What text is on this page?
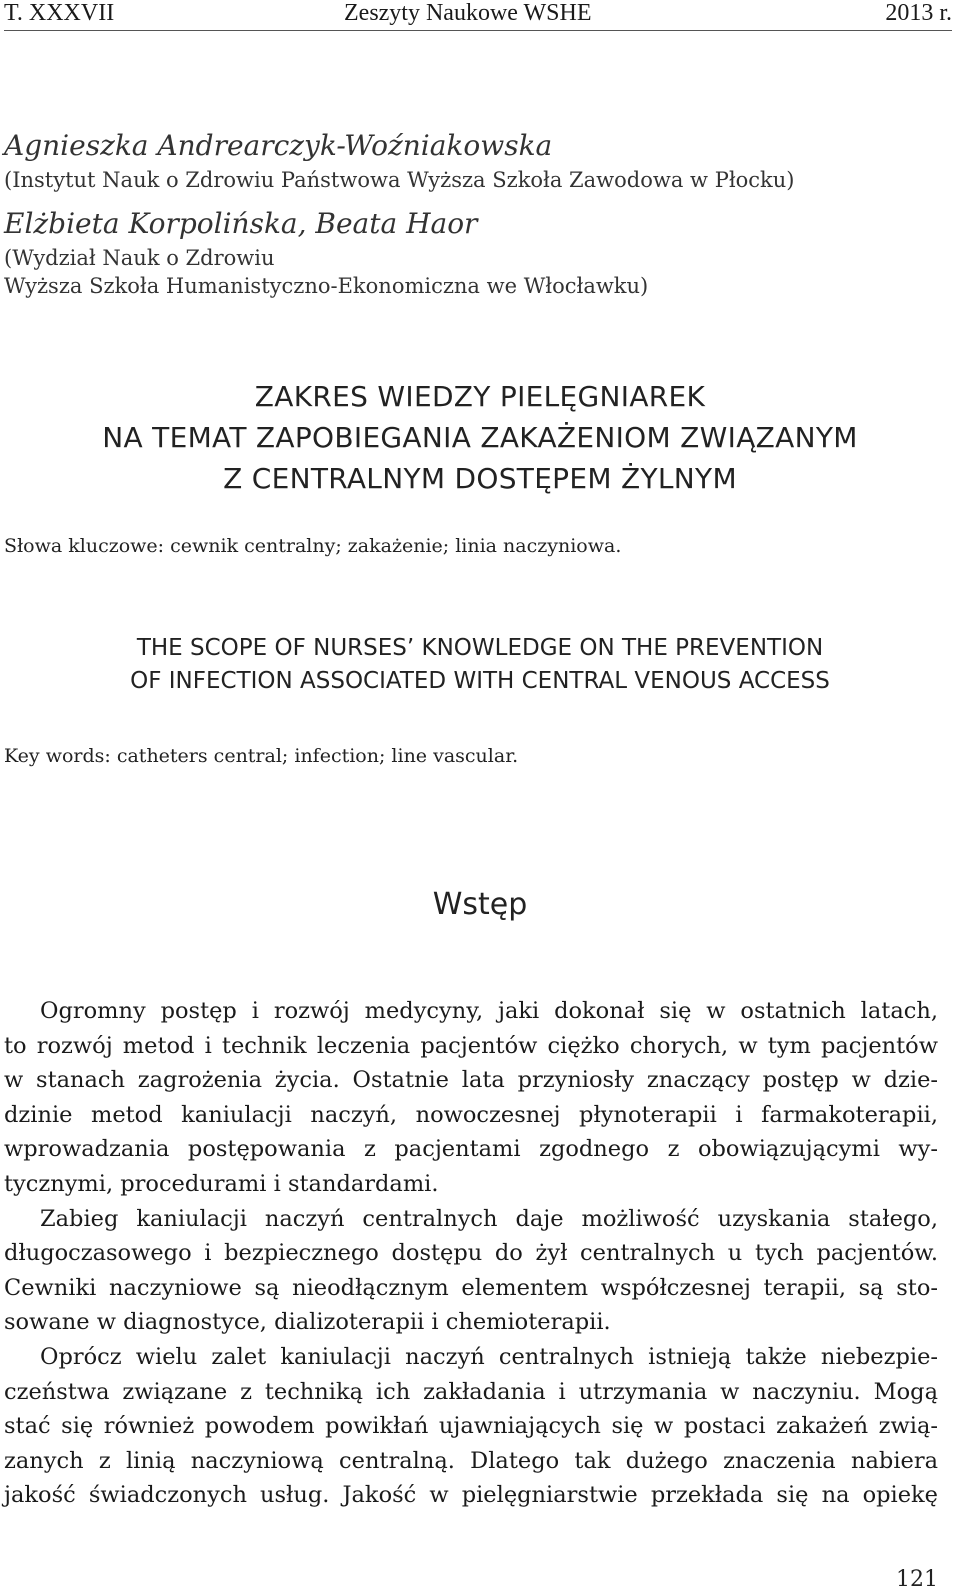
T. XXXVII	Zeszyty Naukowe WSHE	2013 r.
Agnieszka Andrearczyk-Woźniakowska
(Instytut Nauk o Zdrowiu Państwowa Wyższa Szkoła Zawodowa w Płocku)
Elżbieta Korpolińska, Beata Haor
(Wydział Nauk o Zdrowiu
Wyższa Szkoła Humanistyczno-Ekonomiczna we Włocławku)
ZAKRES WIEDZY PIELĘGNIAREK
NA TEMAT ZAPOBIEGANIA ZAKAŻENIOM ZWIĄZANYM
Z CENTRALNYM DOSTĘPEM ŻYLNYM
Słowa kluczowe: cewnik centralny; zakażenie; linia naczyniowa.
THE SCOPE OF NURSES’ KNOWLEDGE ON THE PREVENTION
OF INFECTION ASSOCIATED WITH CENTRAL VENOUS ACCESS
Key words: catheters central; infection; line vascular.
Wstęp
Ogromny postęp i rozwój medycyny, jaki dokonał się w ostatnich latach,
to rozwój metod i technik leczenia pacjentów ciężko chorych, w tym pacjentów
w stanach zagrożenia życia. Ostatnie lata przyniosły znaczący postęp w dzie-
dzinie metod kaniulacji naczyń, nowoczesnej płynoterapii i farmakoterapii,
wprowadzania postępowania z pacjentami zgodnego z obowiązującymi wy-
tycznymi, procedurami i standardami.
Zabieg kaniulacji naczyń centralnych daje możliwość uzyskania stałego,
długoczasowego i bezpiecznego dostępu do żył centralnych u tych pacjentów.
Cewniki naczyniowe są nieodłącznym elementem współczesnej terapii, są sto-
sowane w diagnostyce, dializoterapii i chemioterapii.
Oprócz wielu zalet kaniulacji naczyń centralnych istnieją także niebezpie-
czeństwa związane z techniką ich zakładania i utrzymania w naczyniu. Mogą
stać się również powodem powikłań ujawniających się w postaci zakażeń zwią-
zanych z linią naczyniową centralną. Dlatego tak dużego znaczenia nabiera
jakość świadczonych usług. Jakość w pielęgniarstwie przekłada się na opiekę
121
